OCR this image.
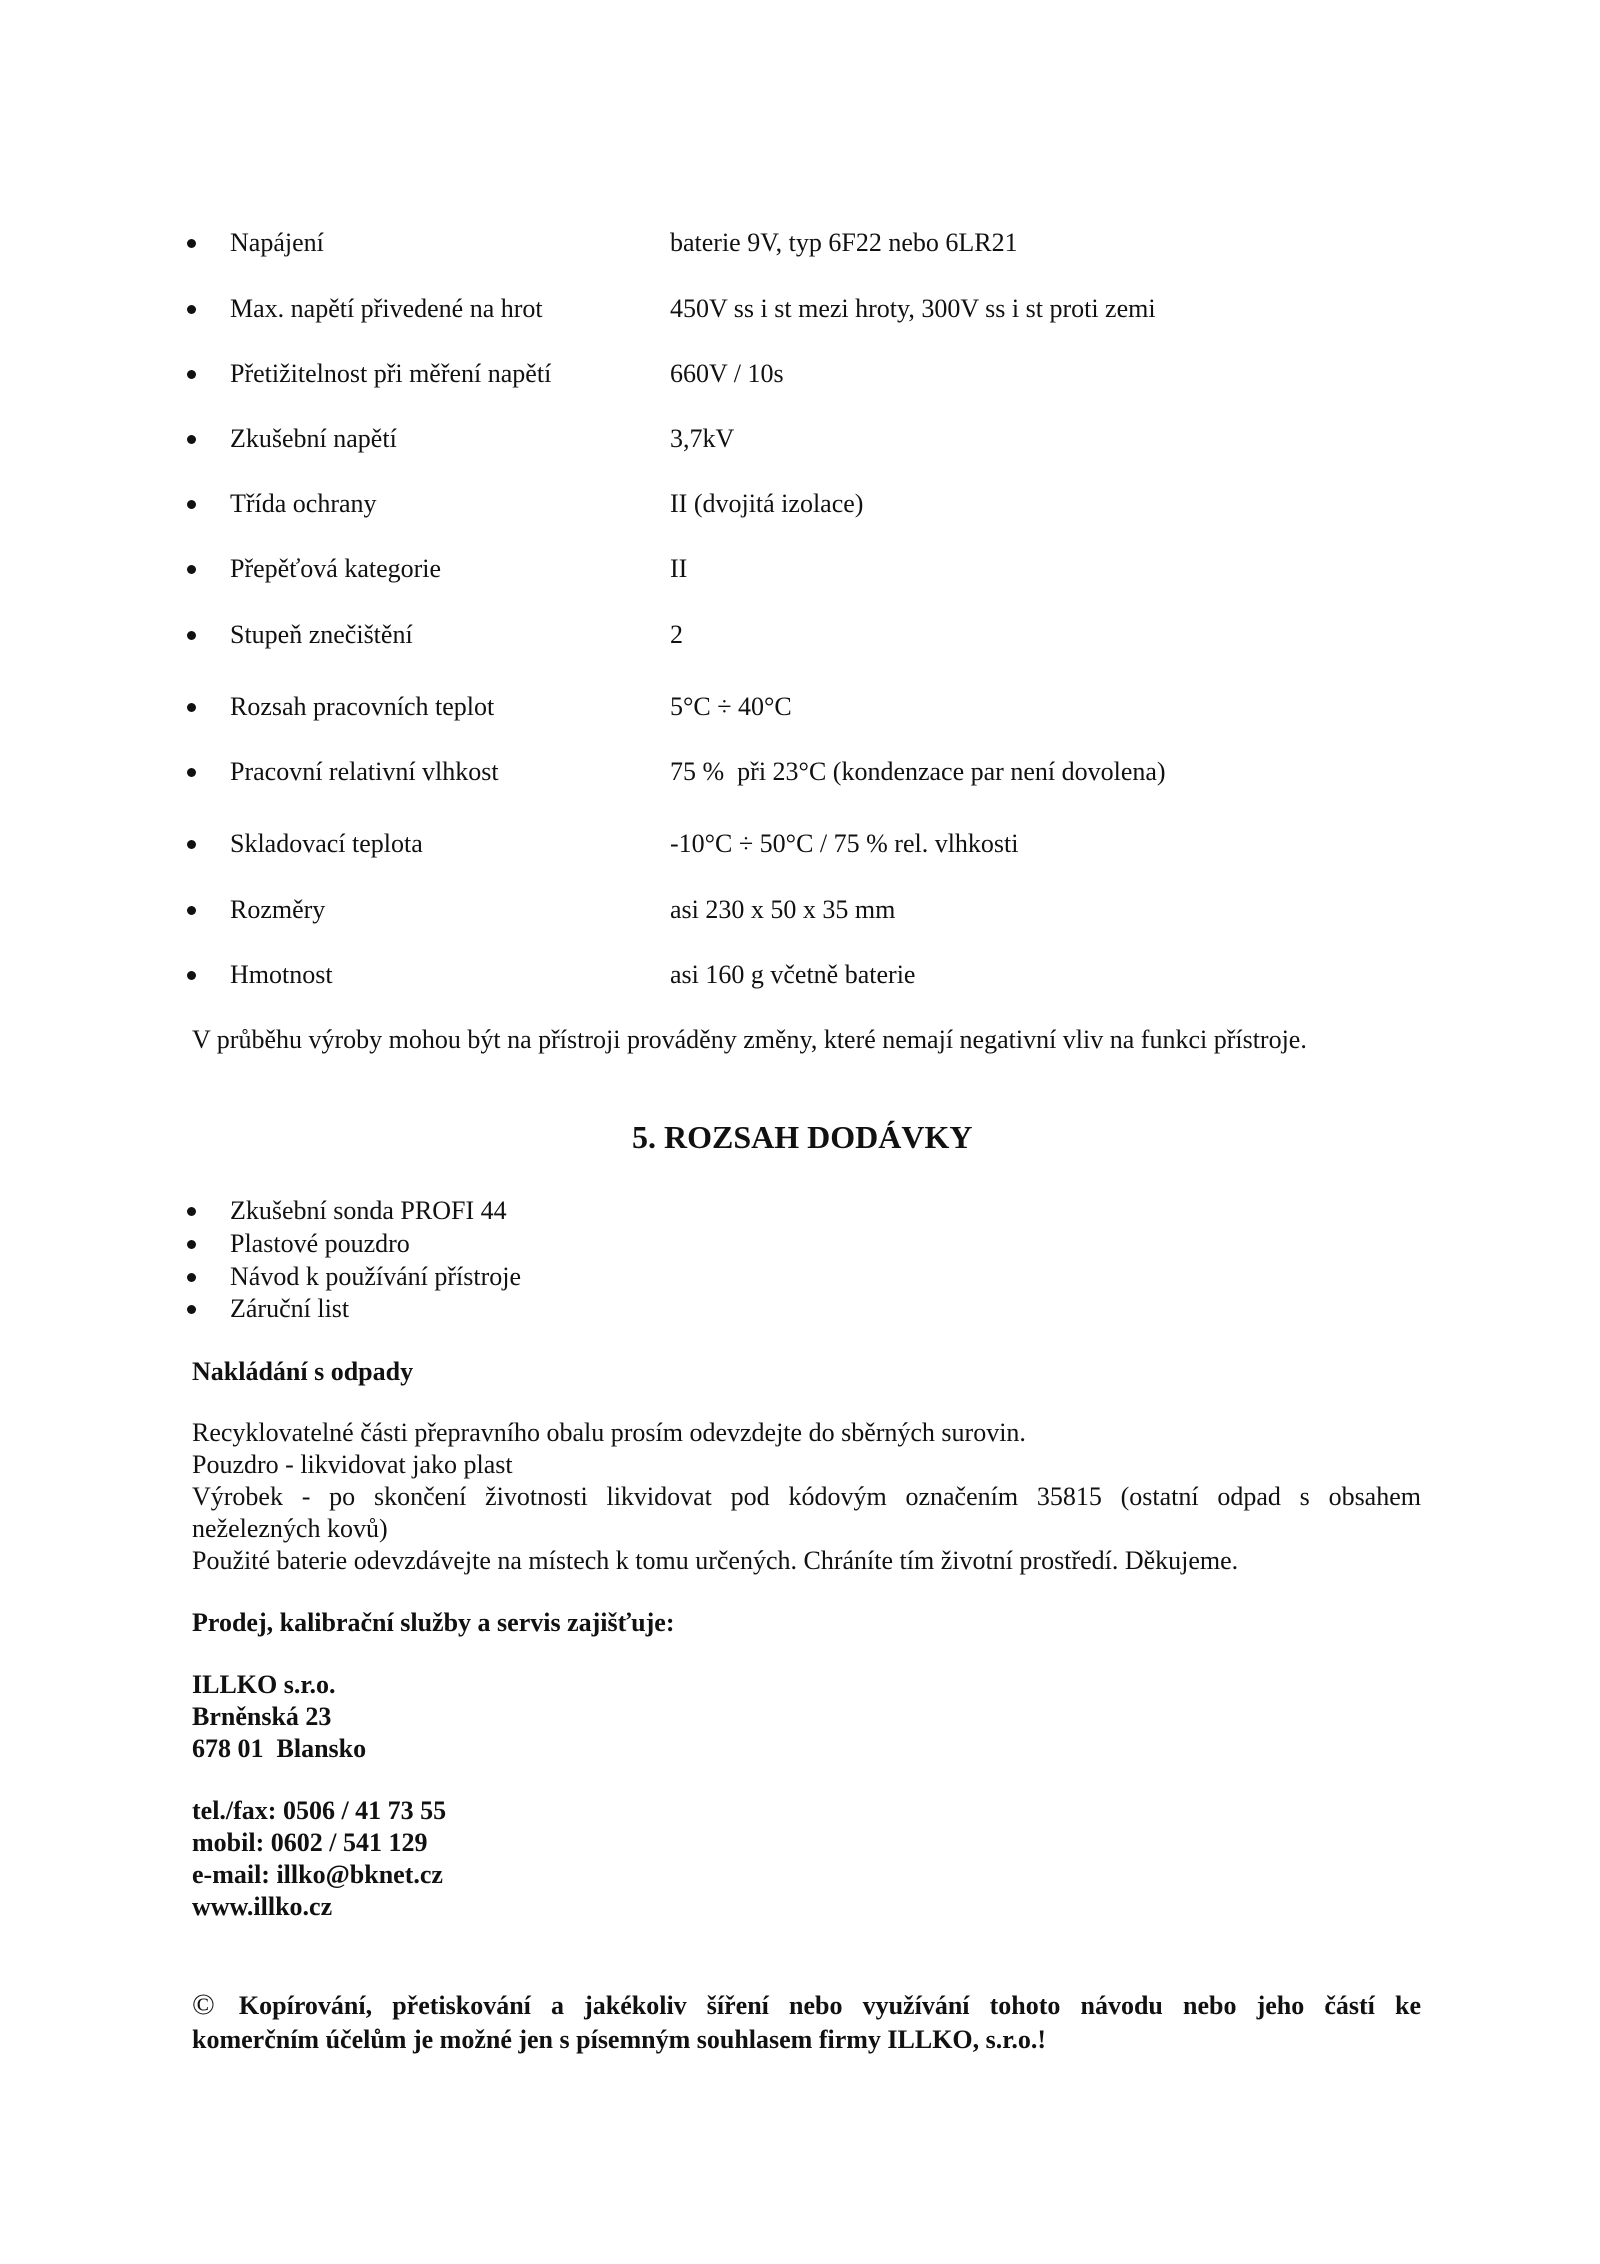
Napájení	baterie 9V, typ 6F22 nebo 6LR21
Max. napětí přivedené na hrot	450V ss i st mezi hroty, 300V ss i st proti zemi
Přetižitelnost při měření napětí	660V / 10s
Zkušební napětí	3,7kV
Třída ochrany	II (dvojitá izolace)
Přepěťová kategorie	II
Stupeň znečištění	2
Rozsah pracovních teplot	5°C ÷ 40°C
Pracovní relativní vlhkost	75 %  při 23°C (kondenzace par není dovolena)
Skladovací teplota	-10°C ÷ 50°C / 75 % rel. vlhkosti
Rozměry	asi 230 x 50 x 35 mm
Hmotnost	asi 160 g včetně baterie
V průběhu výroby mohou být na přístroji prováděny změny, které nemají negativní vliv na funkci přístroje.
5. ROZSAH DODÁVKY
Zkušební sonda PROFI 44
Plastové pouzdro
Návod k používání přístroje
Záruční list
Nakládání s odpady
Recyklovatelné části přepravního obalu prosím odevzdejte do sběrných surovin.
Pouzdro - likvidovat jako plast
Výrobek - po skončení životnosti likvidovat pod kódovým označením 35815 (ostatní odpad s obsahem
neželezných kovů)
Použité baterie odevzdávejte na místech k tomu určených. Chráníte tím životní prostředí. Děkujeme.
Prodej, kalibrační služby a servis zajišťuje:
ILLKO s.r.o.
Brněnská 23
678 01  Blansko
tel./fax: 0506 / 41 73 55
mobil: 0602 / 541 129
e-mail: illko@bknet.cz
www.illko.cz
© Kopírování, přetiskování a jakékoliv šíření nebo využívání tohoto návodu nebo jeho částí ke
komerčním účelům je možné jen s písemným souhlasem firmy ILLKO, s.r.o.!
